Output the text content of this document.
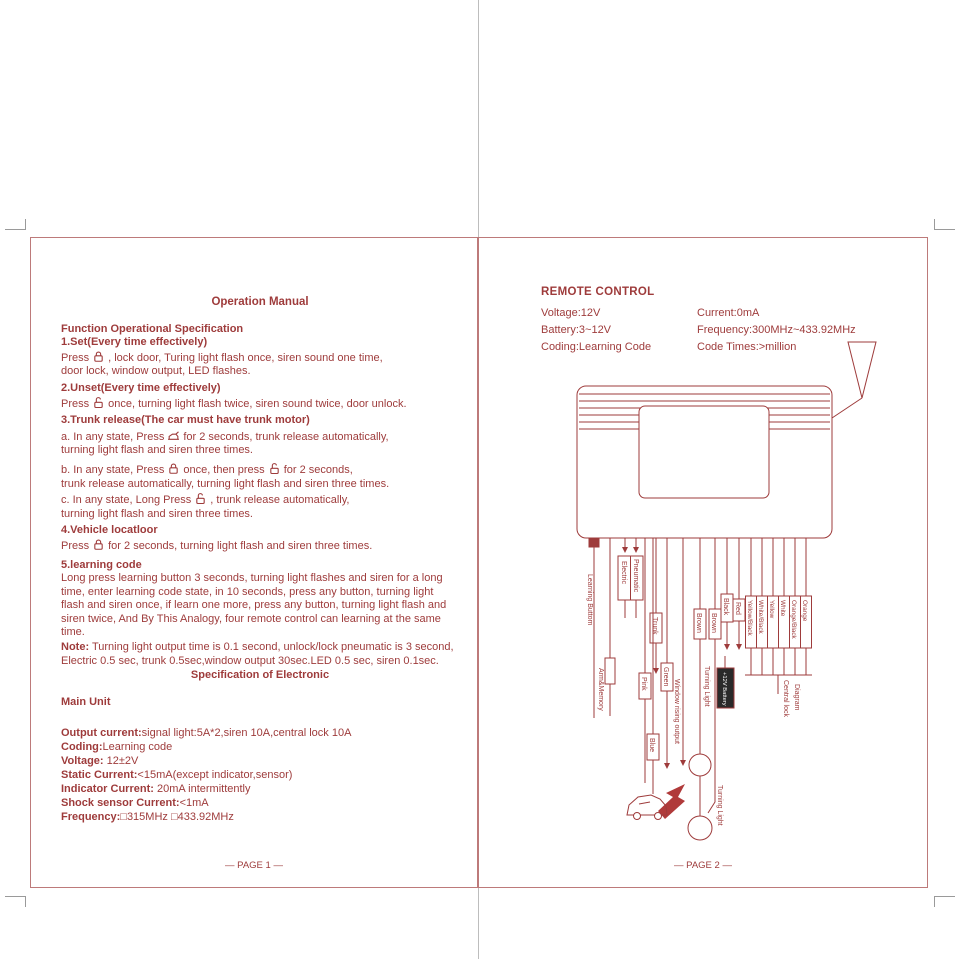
Operation Manual

Function Operational Specification

1.Set(Every time effectively)

Press , lock door, Turing light flash once, siren sound one time,
door lock, window output, LED flashes.

2.Unset(Every time effectively)

Press once, turning light flash twice, siren sound twice, door unlock.

3.Trunk release(The car must have trunk motor)

a. In any state, Press for 2 seconds, trunk release automatically,
turning light flash and siren three times.

b. In any state, Press once, then press for 2 seconds,
trunk release automatically, turning light flash and siren three times.

c. In any state, Long Press , trunk release automatically,
turning light flash and siren three times.

4.Vehicle locatloor

Press for 2 seconds, turning light flash and siren three times.

5.learning code

Long press learning button 3 seconds, turning light flashes and siren for a long time, enter learning code state, in 10 seconds, press any button, turning light flash and siren once, if learn one more, press any button, turning light flash and siren twice, And By This Analogy, four remote control can learning at the same time.

Note: Turning light output time is 0.1 second, unlock/lock pneumatic is 3 second, Electric 0.5 sec, trunk 0.5sec,window output 30sec.LED 0.5 sec, siren 0.1sec.

Specification of Electronic

Main Unit

Output current:signal light:5A*2,siren 10A,central lock 10A

Coding:Learning code

Voltage: 12±2V

Static Current:<15mA(except indicator,sensor)

Indicator Current: 20mA intermittently

Shock sensor Current:<1mA

Frequency:□315MHz □433.92MHz

— PAGE 1 —

REMOTE CONTROL

Voltage:12V

Battery:3~12V

Coding:Learning Code

Current:0mA

Frequency:300MHz~433.92MHz

Code Times:>million

Learning Buttom
Arm&Memory
Electric Pneumatic
Pink
Trunk
Green
Window rising output
Blue
Brown Brown
Black Red
Turning Light +12V Battery
Yellow/Black White/Black Yellow White Orange/Black Orange
Central lock Diagram
Turning Light

— PAGE 2 —
